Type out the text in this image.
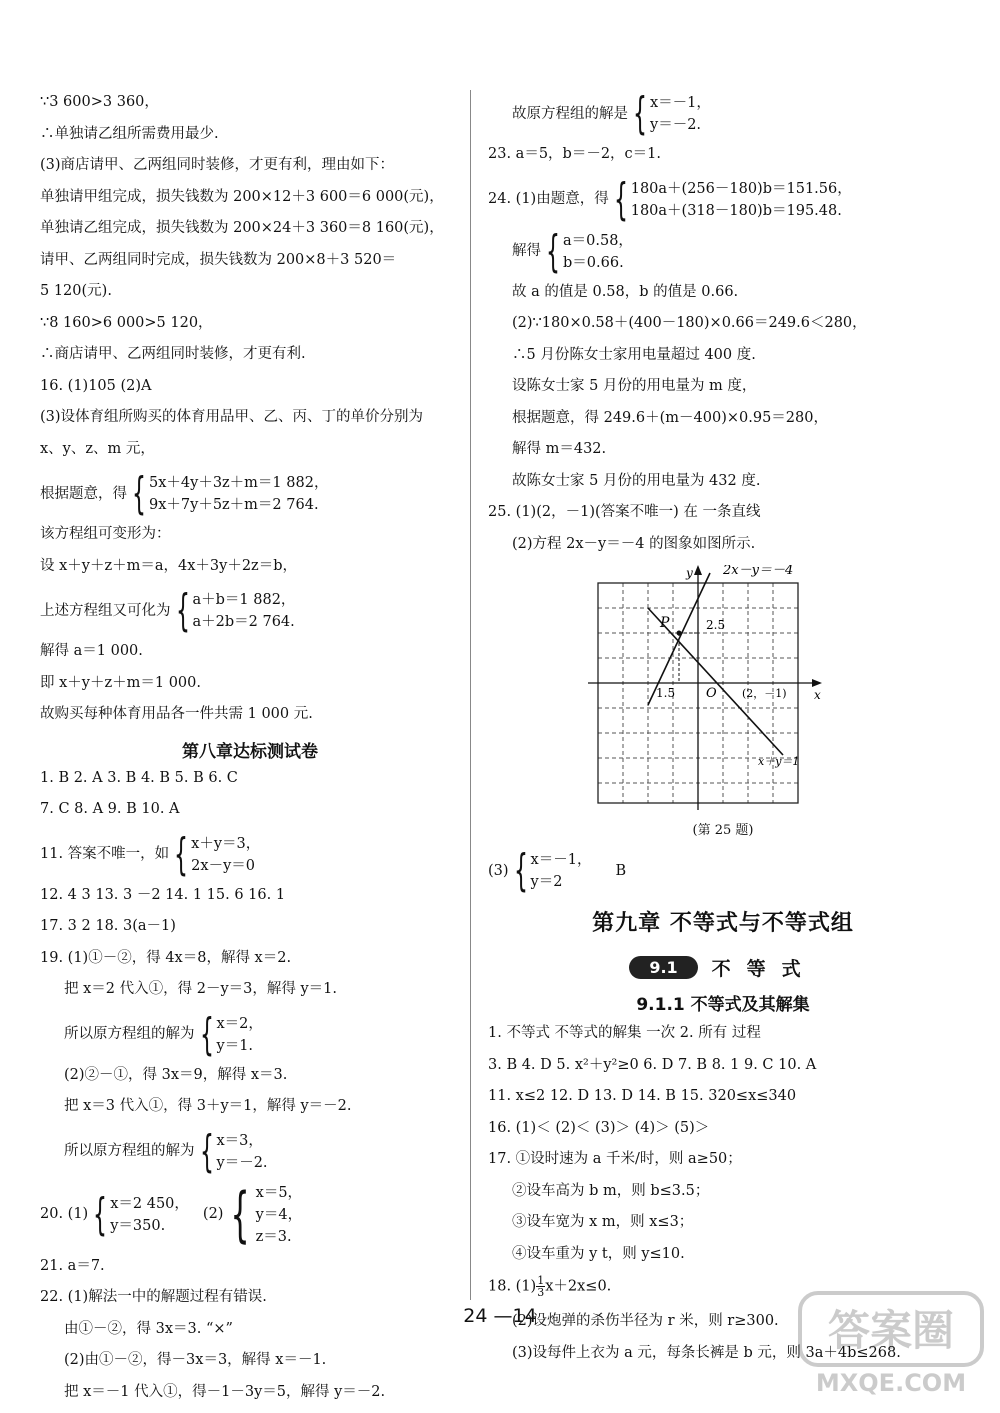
∵3 600>3 360，
∴单独请乙组所需费用最少.
(3)商店请甲、乙两组同时装修，才更有利，理由如下：
单独请甲组完成，损失钱数为 200×12＋3 600＝6 000(元)，
单独请乙组完成，损失钱数为 200×24＋3 360＝8 160(元)，
请甲、乙两组同时完成，损失钱数为 200×8＋3 520＝
5 120(元).
∵8 160>6 000>5 120，
∴商店请甲、乙两组同时装修，才更有利.
16. (1)105 (2)A
(3)设体育组所购买的体育用品甲、乙、丙、丁的单价分别为
x、y、z、m 元，
根据题意，得 { 5x＋4y＋3z＋m＝1 882，
9x＋7y＋5z＋m＝2 764.
该方程组可变形为：
设 x＋y＋z＋m＝a，4x＋3y＋2z＝b，
上述方程组又可化为 { a＋b＝1 882，
a＋2b＝2 764.
解得 a＝1 000.
即 x＋y＋z＋m＝1 000.
故购买每种体育用品各一件共需 1 000 元.
第八章达标测试卷
1. B 2. A 3. B 4. B 5. B 6. C
7. C 8. A 9. B 10. A
11. 答案不唯一，如 { x＋y＝3，
2x－y＝0
12. 4 3 13. 3 －2 14. 1 15. 6 16. 1
17. 3 2 18. 3(a－1)
19. (1)①－②，得 4x＝8，解得 x＝2.
把 x＝2 代入①，得 2－y＝3，解得 y＝1.
所以原方程组的解为 { x＝2，
y＝1.
(2)②－①，得 3x＝9，解得 x＝3.
把 x＝3 代入①，得 3＋y＝1，解得 y＝－2.
所以原方程组的解为 { x＝3，
y＝－2.
20. (1) { x＝2 450，
y＝350.
(2) { x＝5，
y＝4，
z＝3.
21. a＝7.
22. (1)解法一中的解题过程有错误.
由①－②，得 3x＝3. “×”
(2)由①－②，得－3x＝3，解得 x＝－1.
把 x＝－1 代入①，得－1－3y＝5，解得 y＝－2.
故原方程组的解是 { x＝－1，
y＝－2.
23. a＝5，b＝－2，c＝1.
24. (1)由题意，得 { 180a＋(256－180)b＝151.56，
180a＋(318－180)b＝195.48.
解得 { a＝0.58，
b＝0.66.
故 a 的值是 0.58，b 的值是 0.66.
(2)∵180×0.58＋(400－180)×0.66＝249.6＜280，
∴5 月份陈女士家用电量超过 400 度.
设陈女士家 5 月份的用电量为 m 度，
根据题意，得 249.6＋(m－400)×0.95＝280，
解得 m＝432.
故陈女士家 5 月份的用电量为 432 度.
25. (1)(2，－1)(答案不唯一) 在 一条直线
(2)方程 2x－y＝－4 的图象如图所示.
2x－y＝－4
P	2.5
1.5 O	x
y
(2，－1)
x＋y＝1
(第 25 题)
(3) { x＝－1，
y＝2
B
第九章 不等式与不等式组
9.1	不等式
9.1.1 不等式及其解集
1. 不等式 不等式的解集 一次 2. 所有 过程
3. B 4. D 5. x²＋y²≥0 6. D 7. B 8. 1 9. C 10. A
11. x≤2 12. D 13. D 14. B 15. 320≤x≤340
16. (1)＜ (2)＜ (3)＞ (4)＞ (5)＞
17. ①设时速为 a 千米/时，则 a≥50；
②设车高为 b m，则 b≤3.5；
③设车宽为 x m，则 x≤3；
④设车重为 y t，则 y≤10.
18. $(1) \frac{1}{3} x+2x\le 0$.
(2)设炮弹的杀伤半径为 r 米，则 r≥300.
(3)设每件上衣为 a 元，每条长裤是 b 元，则 3a＋4b≤268.
24 —14	答案圈
MXQE.COM
